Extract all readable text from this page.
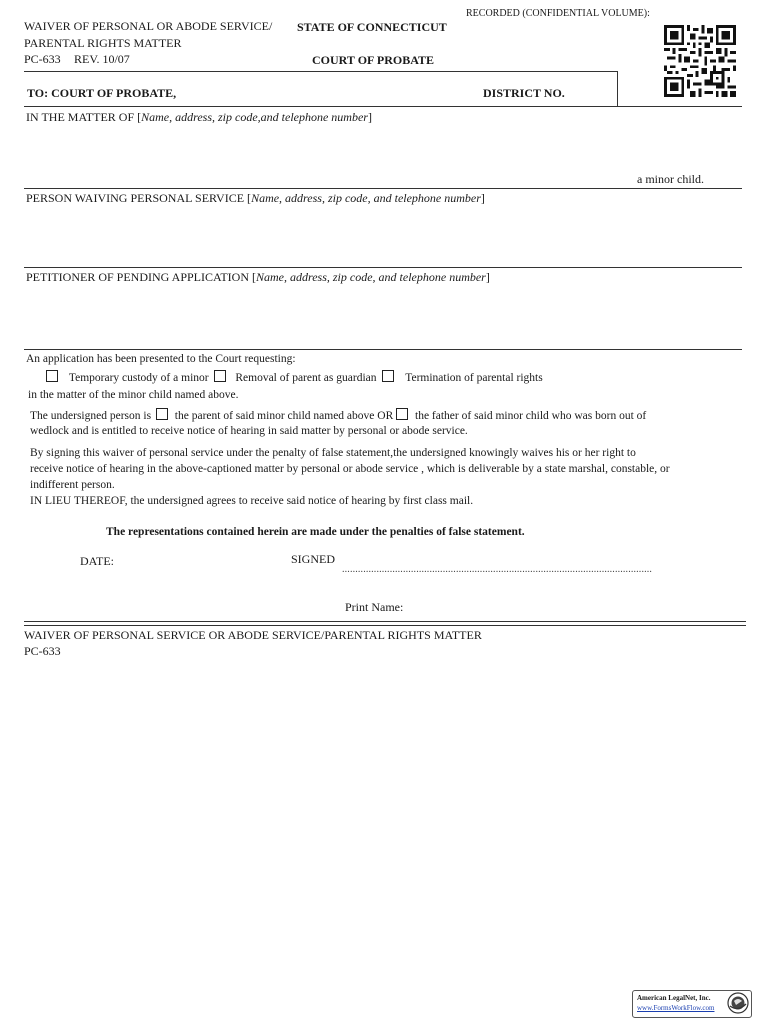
RECORDED (CONFIDENTIAL VOLUME):
WAIVER OF PERSONAL OR ABODE SERVICE/
PARENTAL RIGHTS MATTER
PC-633 REV. 10/07
STATE OF CONNECTICUT
COURT OF PROBATE
TO: COURT OF PROBATE,	DISTRICT NO.
IN THE MATTER OF [Name, address, zip code,and telephone number]
a minor child.
PERSON WAIVING PERSONAL SERVICE [Name, address, zip code, and telephone number]
PETITIONER OF PENDING APPLICATION [Name, address, zip code, and telephone number]
An application has been presented to the Court requesting:
Temporary custody of a minor Removal of parent as guardian	Termination of parental rights
in the matter of the minor child named above.
The undersigned person is the parent of said minor child named above OR the father of said minor child who was born out of
wedlock and is entitled to receive notice of hearing in said matter by personal or abode service.
By signing this waiver of personal service under the penalty of false statement,the undersigned knowingly waives his or her right to
receive notice of hearing in the above-captioned matter by personal or abode service , which is deliverable by a state marshal, constable, or
indifferent person.
IN LIEU THEREOF, the undersigned agrees to receive said notice of hearing by first class mail.
The representations contained herein are made under the penalties of false statement.
DATE:	SIGNED
.....................................................................................................................
Print Name:
WAIVER OF PERSONAL SERVICE OR ABODE SERVICE/PARENTAL RIGHTS MATTER
PC-633
American LegalNet, Inc.
www.FormsWorkFlow.com
